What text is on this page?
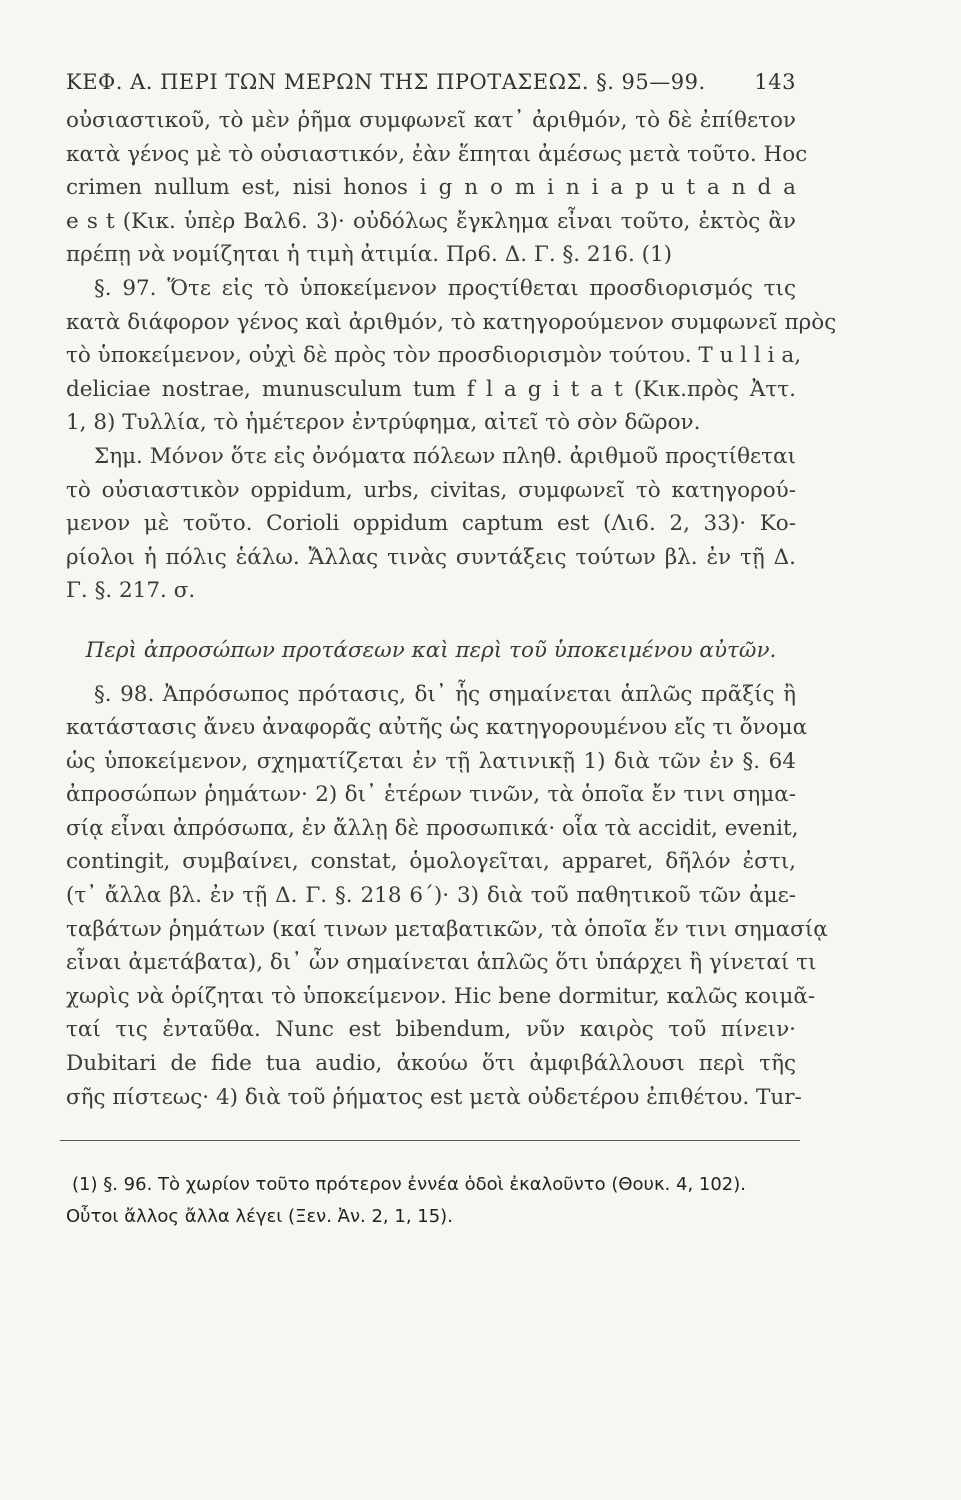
ΚΕΦ. Α. ΠΕΡΙ ΤΩΝ ΜΕΡΩΝ ΤΗΣ ΠΡΟΤΑΣΕΩΣ. §. 95—99. 143
οὐσιαστικοῦ, τὸ μὲν ῥῆμα συμφωνεῖ κατ᾽ ἀριθμόν, τὸ δὲ ἐπίθετον
κατὰ γένος μὲ τὸ οὐσιαστικόν, ἐὰν ἕπηται ἀμέσως μετὰ τοῦτο. Hoc
crimen nullum est, nisi honos i g n o m i n i a p u t a n d a
e s t (Κικ. ὑπὲρ Βαλ6. 3)· οὐδόλως ἔγκλημα εἶναι τοῦτο, ἐκτὸς ἂν
πρέπῃ νὰ νομίζηται ἡ τιμὴ ἀτιμία. Πρ6. Δ. Γ. §. 216. (1)
§. 97. Ὅτε εἰς τὸ ὑποκείμενον προςτίθεται προσδιορισμός τις
κατὰ διάφορον γένος καὶ ἀριθμόν, τὸ κατηγορούμενον συμφωνεῖ πρὸς
τὸ ὑποκείμενον, οὐχὶ δὲ πρὸς τὸν προσδιορισμὸν τούτου. T u l l i a,
deliciae nostrae, munusculum tum f l a g i t a t (Κικ.πρὸς Ἀττ.
1, 8) Τυλλία, τὸ ἡμέτερον ἐντρύφημα, αἰτεῖ τὸ σὸν δῶρον.
Σημ. Μόνον ὅτε εἰς ὀνόματα πόλεων πληθ. ἀριθμοῦ προςτίθεται
τὸ οὐσιαστικὸν oppidum, urbs, civitas, συμφωνεῖ τὸ κατηγορού-
μενον μὲ τοῦτο. Corioli oppidum captum est (Λι6. 2, 33)· Κο-
ρίολοι ἡ πόλις ἑάλω. Ἄλλας τινὰς συντάξεις τούτων βλ. ἐν τῇ Δ.
Γ. §. 217. σ.
Περὶ ἀπροσώπων προτάσεων καὶ περὶ τοῦ ὑποκειμένου αὐτῶν.
§. 98. Ἀπρόσωπος πρότασις, δι᾽ ἧς σημαίνεται ἁπλῶς πρᾶξίς ἢ
κατάστασις ἄνευ ἀναφορᾶς αὐτῆς ὡς κατηγορουμένου εἴς τι ὄνομα
ὡς ὑποκείμενον, σχηματίζεται ἐν τῇ λατινικῇ 1) διὰ τῶν ἐν §. 64
ἀπροσώπων ῥημάτων· 2) δι᾽ ἑτέρων τινῶν, τὰ ὁποῖα ἔν τινι σημα-
σίᾳ εἶναι ἀπρόσωπα, ἐν ἄλλῃ δὲ προσωπικά· οἷα τὰ accidit, evenit,
contingit, συμβαίνει, constat, ὁμολογεῖται, apparet, δῆλόν ἐστι,
(τ᾽ ἄλλα βλ. ἐν τῇ Δ. Γ. §. 218 6΄)· 3) διὰ τοῦ παθητικοῦ τῶν ἀμε-
ταβάτων ῥημάτων (καί τινων μεταβατικῶν, τὰ ὁποῖα ἔν τινι σημασίᾳ
εἶναι ἀμετάβατα), δι᾽ ὧν σημαίνεται ἁπλῶς ὅτι ὑπάρχει ἢ γίνεταί τι
χωρὶς νὰ ὁρίζηται τὸ ὑποκείμενον. Hic bene dormitur, καλῶς κοιμᾶ-
ταί τις ἐνταῦθα. Nunc est bibendum, νῦν καιρὸς τοῦ πίνειν·
Dubitari de fide tua audio, ἀκούω ὅτι ἀμφιβάλλουσι περὶ τῆς
σῆς πίστεως· 4) διὰ τοῦ ῥήματος est μετὰ οὐδετέρου ἐπιθέτου. Tur-
(1) §. 96. Τὸ χωρίον τοῦτο πρότερον ἐννέα ὁδοὶ ἐκαλοῦντο (Θουκ. 4, 102).
Οὗτοι ἄλλος ἄλλα λέγει (Ξεν. Ἀν. 2, 1, 15).
